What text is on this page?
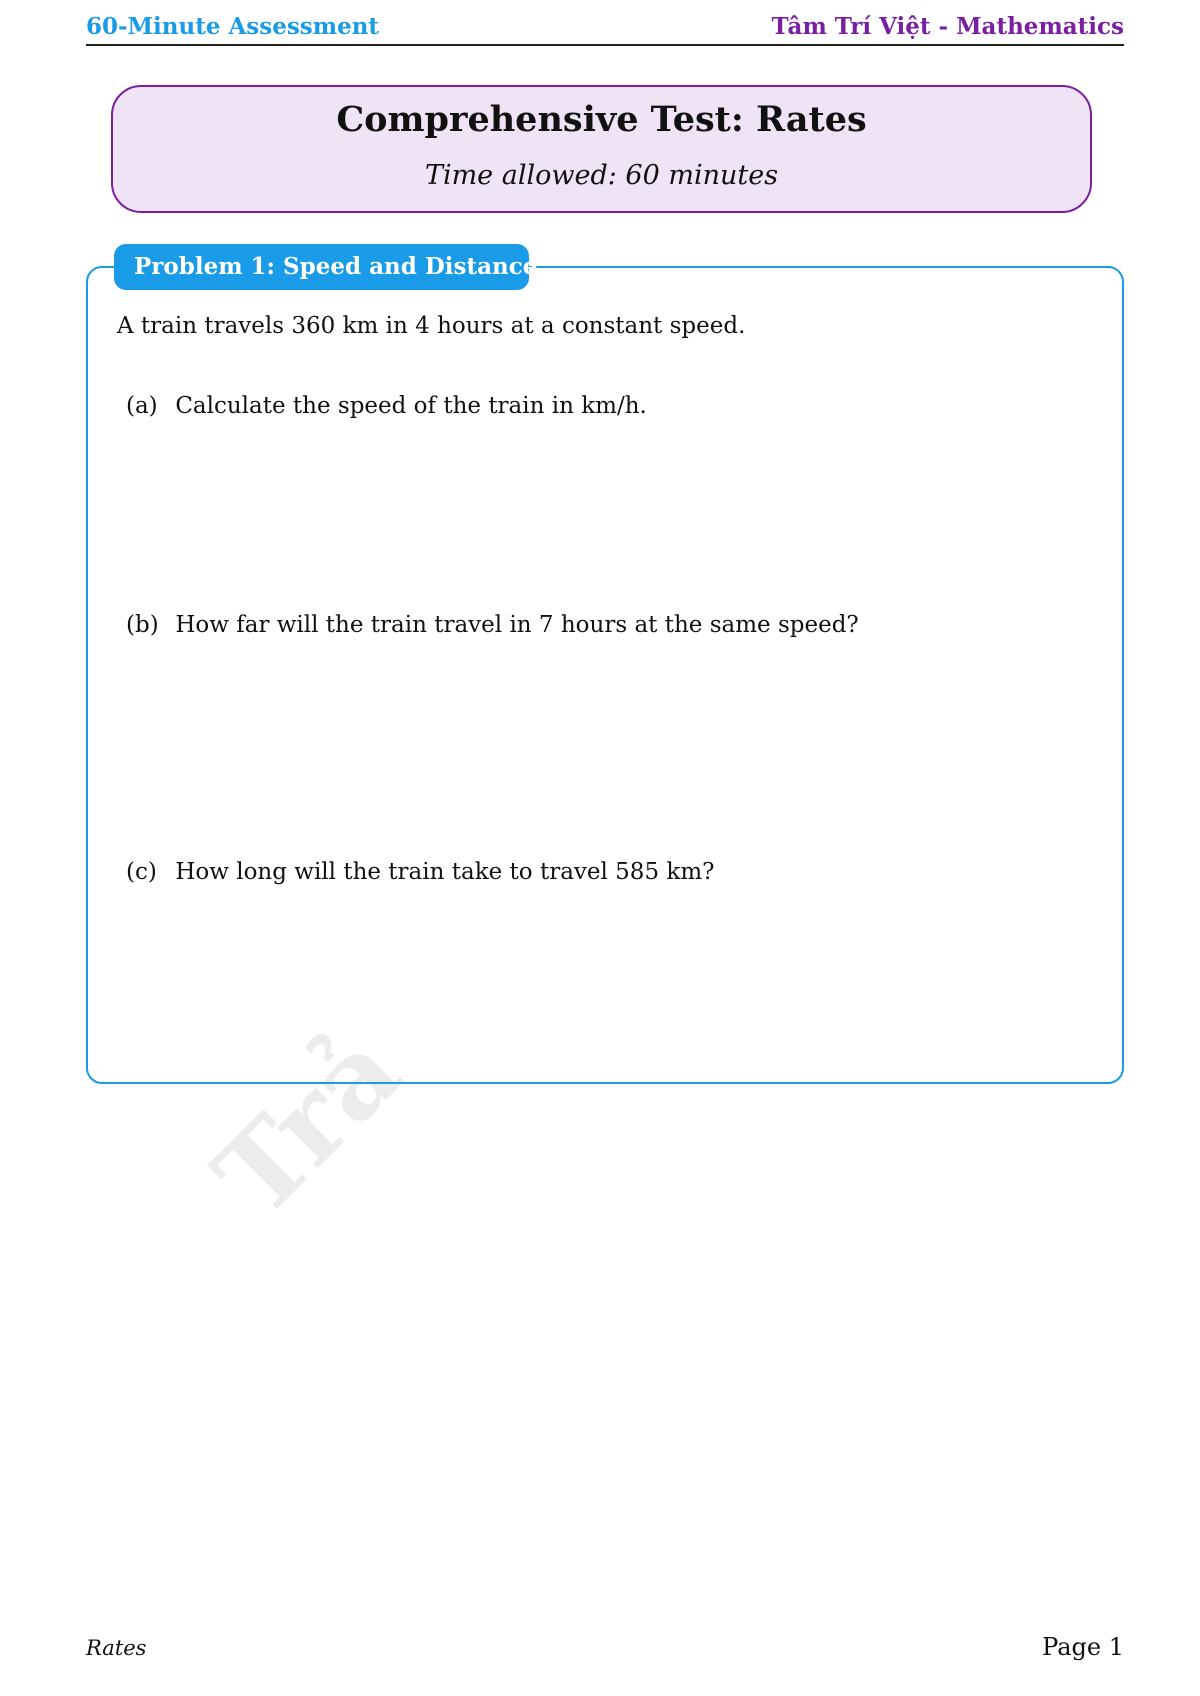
60-Minute Assessment	Tâm Trí Việt - Mathematics
Comprehensive Test: Rates
Time allowed: 60 minutes
Trả
Problem 1: Speed and Distance
A train travels 360 km in 4 hours at a constant speed.
(a) Calculate the speed of the train in km/h.
(b) How far will the train travel in 7 hours at the same speed?
(c) How long will the train take to travel 585 km?
Rates	Page 1
